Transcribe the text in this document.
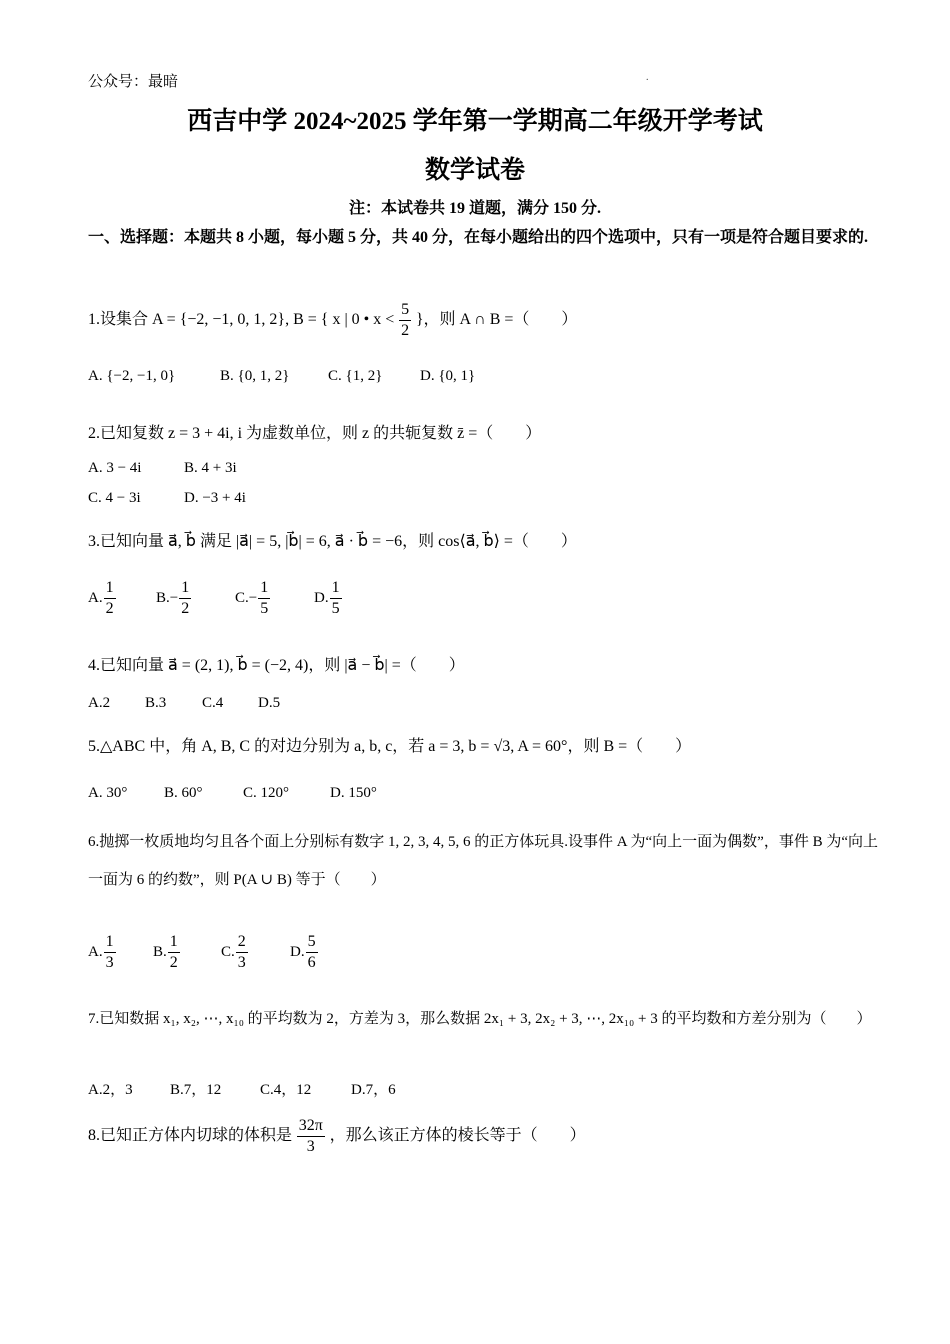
公众号：最暗	.
西吉中学 2024~2025 学年第一学期高二年级开学考试
数学试卷
注：本试卷共 19 道题，满分 150 分.
一、选择题：本题共 8 小题，每小题 5 分，共 40 分，在每小题给出的四个选项中，只有一项是符合题目要求的.
1.设集合 A = {−2, −1, 0, 1, 2}, B = { x | 0 • $x < \frac{5}{2}$ }，则 A ∩ B =（　　）
A. {−2, −1, 0}	B. {0, 1, 2}	C. {1, 2}	D. {0, 1}
2.已知复数 z = 3 + 4i, i 为虚数单位，则 z 的共轭复数 z̄ =（　　）
A. 3 − 4i	B. 4 + 3i
C. 4 − 3i	D. −3 + 4i
3.已知向量 a⃗, b⃗ 满足 |a⃗| = 5, |b⃗| = 6, a⃗ · b⃗ = −6，则 cos⟨a⃗, b⃗⟩ =（　　）
A. $\frac{1}{2}$	$B.- \frac{1}{2}$	$C.- \frac{1}{5}$	D. $\frac{1}{5}$
4.已知向量 a⃗ = (2, 1), b⃗ = (−2, 4)，则 |a⃗ − b⃗| =（　　）
A.2 B.3 C.4 D.5
5.△ABC 中，角 A, B, C 的对边分别为 a, b, c，若 a = 3, b = √3, A = 60°，则 B =（　　）
A. 30° B. 60°	C. 120°	D. 150°
6.抛掷一枚质地均匀且各个面上分别标有数字 1, 2, 3, 4, 5, 6 的正方体玩具.设事件 A 为“向上一面为偶数”，事件 B 为“向上一面为 6 的约数”，则 P(A ∪ B) 等于（　　）
A. $\frac{1}{3} B$. $\frac{1}{2}$	C. $\frac{2}{3}$	D. $\frac{5}{6}$
7.已知数据 x₁, x₂, ⋯, x₁₀ 的平均数为 2，方差为 3，那么数据 2x₁ + 3, 2x₂ + 3, ⋯, 2x₁₀ + 3 的平均数和方差分别为（　　）
A.2，3 B.7，12	C.4，12	D.7，6
8.已知正方体内切球的体积是 $\frac{32\pi}{3}$ ，那么该正方体的棱长等于（　　）
